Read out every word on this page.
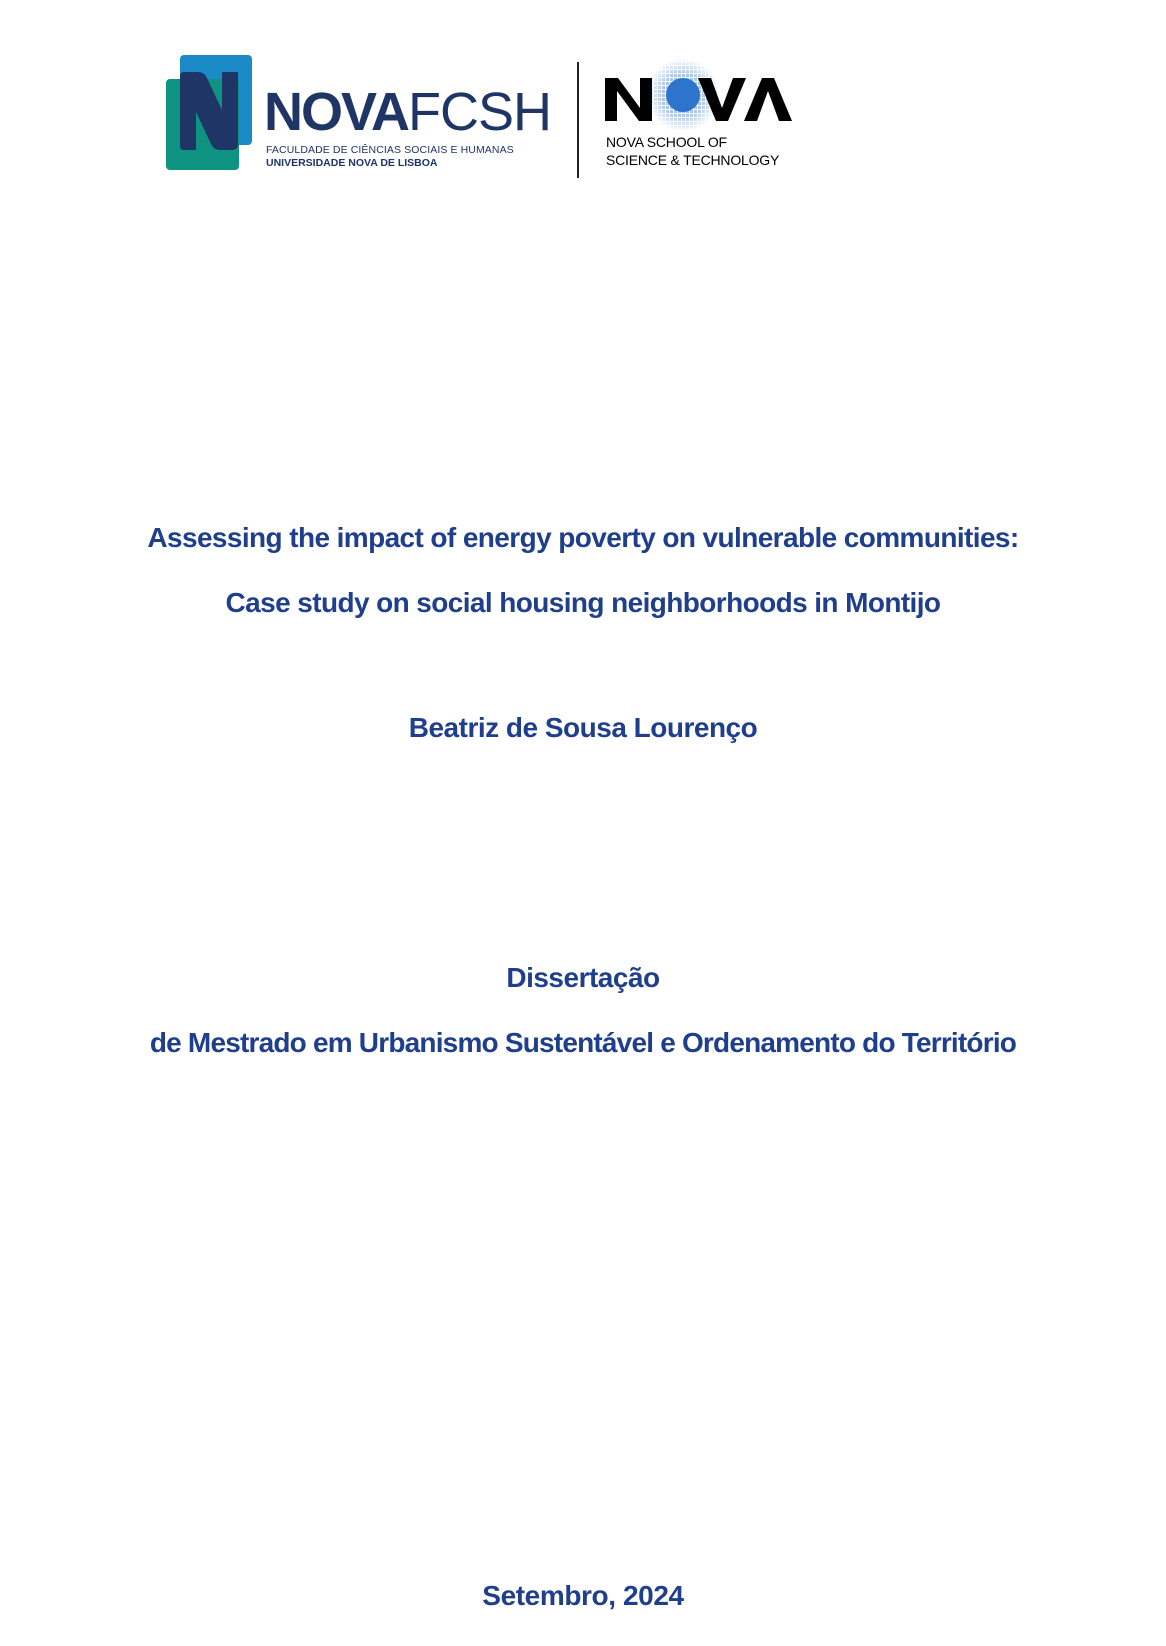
NOVAFCSH
FACULDADE DE CIÊNCIAS SOCIAIS E HUMANAS
UNIVERSIDADE NOVA DE LISBOA
NOVA SCHOOL OF
SCIENCE & TECHNOLOGY
Assessing the impact of energy poverty on vulnerable communities:
Case study on social housing neighborhoods in Montijo
Beatriz de Sousa Lourenço
Dissertação
de Mestrado em Urbanismo Sustentável e Ordenamento do Território
Setembro, 2024
